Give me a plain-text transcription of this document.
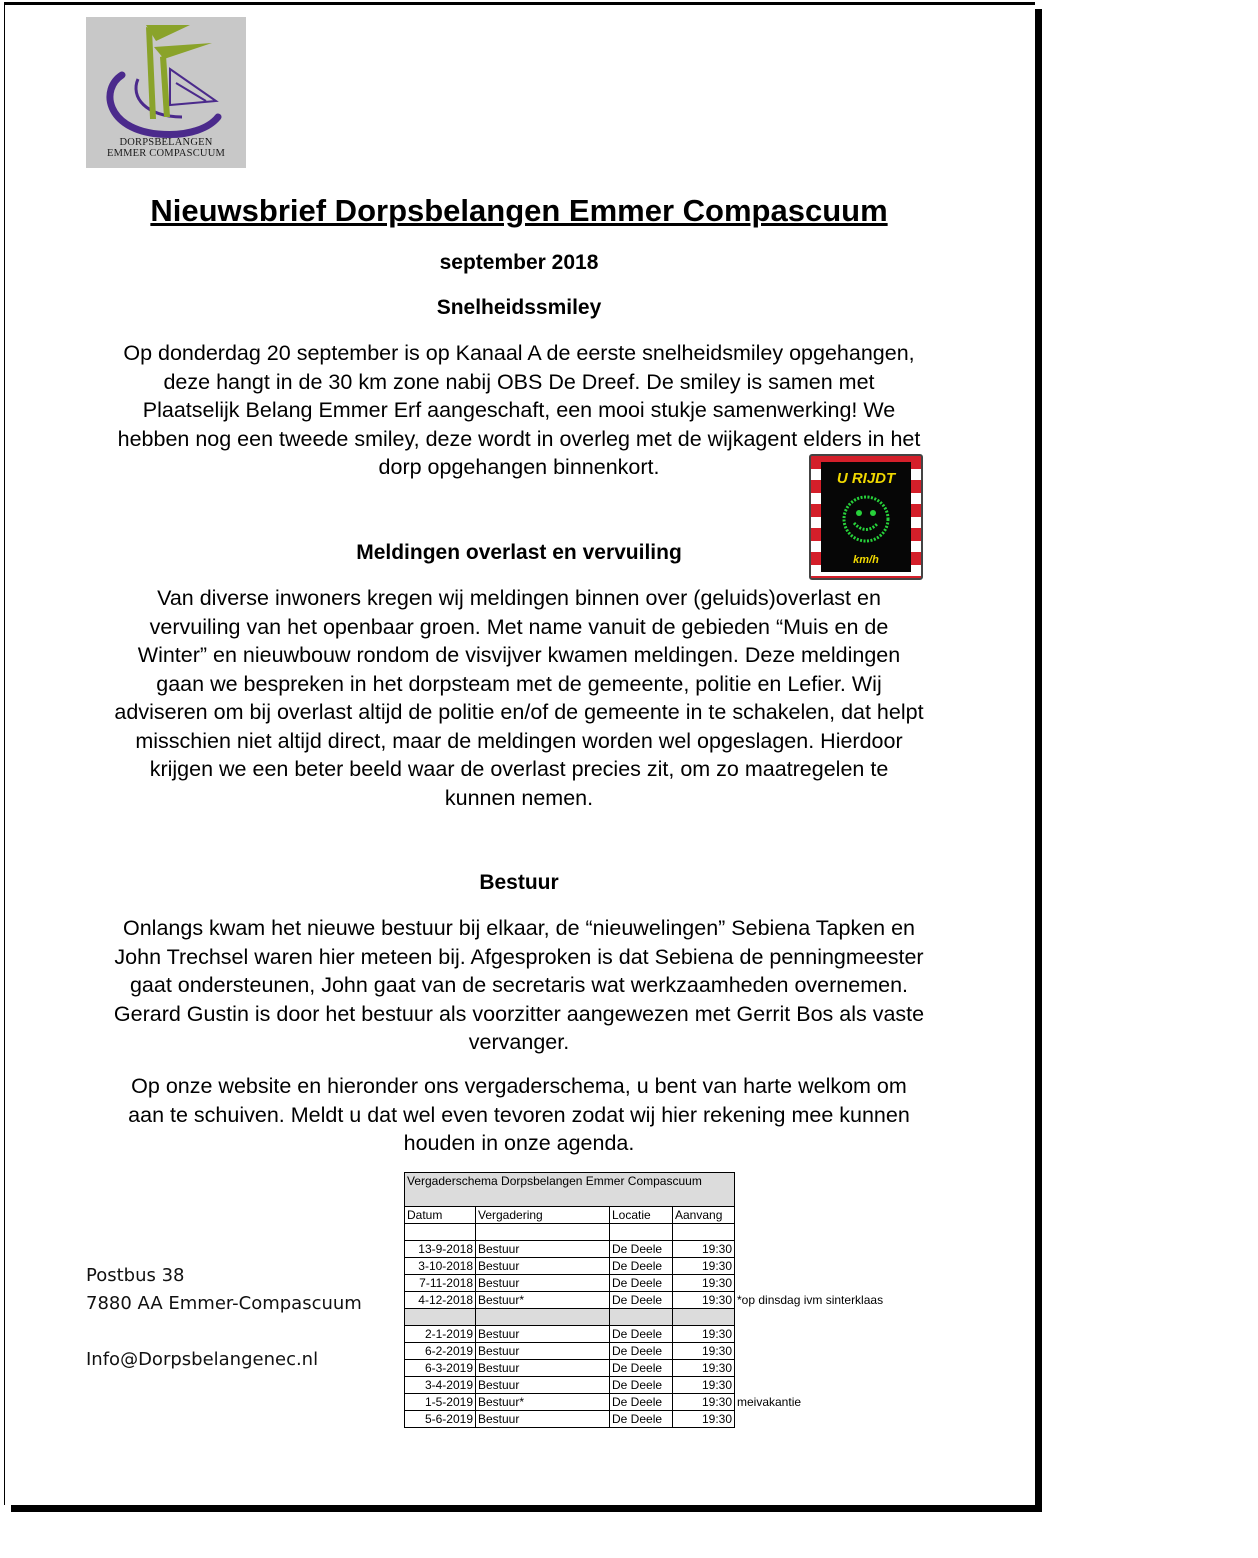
DORPSBELANGEN
EMMER COMPASCUUM
Nieuwsbrief Dorpsbelangen Emmer Compascuum
september 2018
Snelheidssmiley

Op donderdag 20 september is op Kanaal A de eerste snelheidsmiley opgehangen,

deze hangt in de 30 km zone nabij OBS De Dreef. De smiley is samen met

Plaatselijk Belang Emmer Erf aangeschaft, een mooi stukje samenwerking! We

hebben nog een tweede smiley, deze wordt in overleg met de wijkagent elders in het

dorp opgehangen binnenkort.	U RIJDT
km/h
Meldingen overlast en vervuiling

Van diverse inwoners kregen wij meldingen binnen over (geluids)overlast en

vervuiling van het openbaar groen. Met name vanuit de gebieden “Muis en de

Winter” en nieuwbouw rondom de visvijver kwamen meldingen. Deze meldingen

gaan we bespreken in het dorpsteam met de gemeente, politie en Lefier. Wij

adviseren om bij overlast altijd de politie en/of de gemeente in te schakelen, dat helpt

misschien niet altijd direct, maar de meldingen worden wel opgeslagen. Hierdoor

krijgen we een beter beeld waar de overlast precies zit, om zo maatregelen te

kunnen nemen.

Bestuur

Onlangs kwam het nieuwe bestuur bij elkaar, de “nieuwelingen” Sebiena Tapken en

John Trechsel waren hier meteen bij. Afgesproken is dat Sebiena de penningmeester

gaat ondersteunen, John gaat van de secretaris wat werkzaamheden overnemen.

Gerard Gustin is door het bestuur als voorzitter aangewezen met Gerrit Bos als vaste

vervanger.

Op onze website en hieronder ons vergaderschema, u bent van harte welkom om

aan te schuiven. Meldt u dat wel even tevoren zodat wij hier rekening mee kunnen

houden in onze agenda.

Postbus 38
7880 AA Emmer-Compascuum
Info@Dorpsbelangenec.nl
Vergaderschema Dorpsbelangen Emmer Compascuum				
Datum	Vergadering	Locatie	Aanvang	

13-9-2018	Bestuur	De Deele	19:30	
3-10-2018	Bestuur	De Deele	19:30	
7-11-2018	Bestuur	De Deele	19:30	
4-12-2018	Bestuur*	De Deele	19:30	*op dinsdag ivm sinterklaas

2-1-2019	Bestuur	De Deele	19:30	
6-2-2019	Bestuur	De Deele	19:30	
6-3-2019	Bestuur	De Deele	19:30	
3-4-2019	Bestuur	De Deele	19:30	
1-5-2019	Bestuur*	De Deele	19:30	meivakantie
5-6-2019	Bestuur	De Deele	19:30	
